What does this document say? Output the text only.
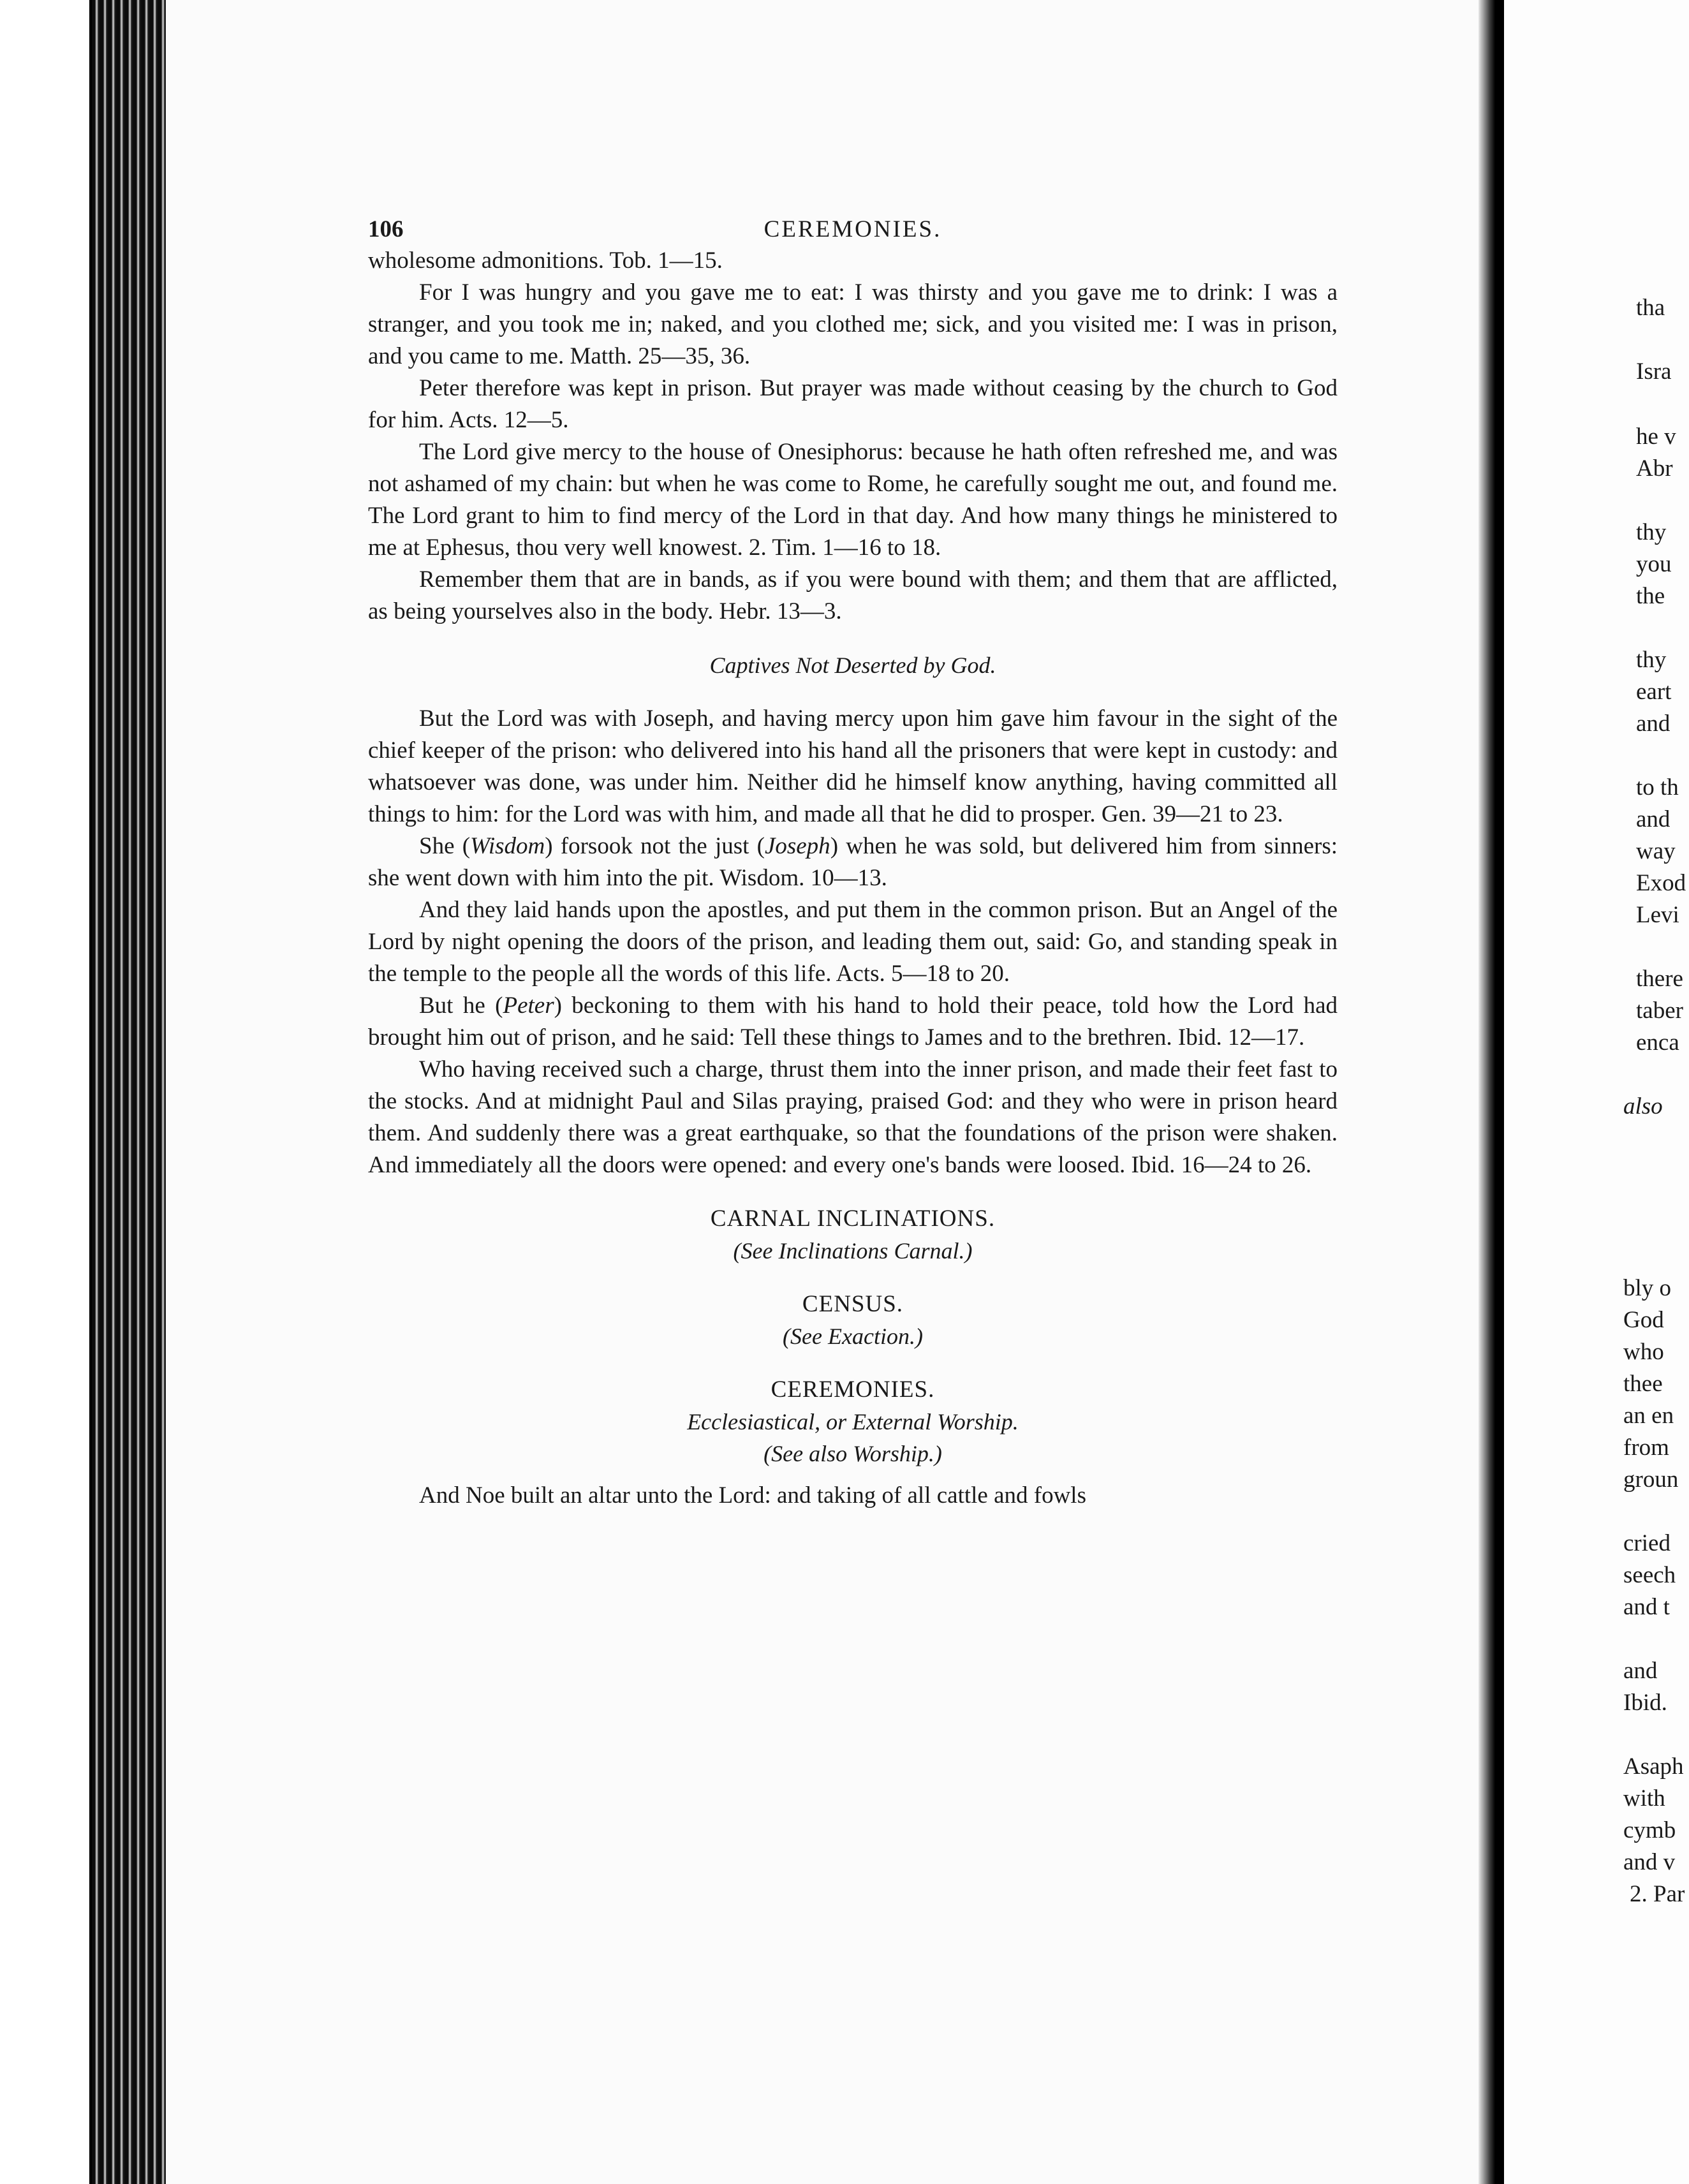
106	CEREMONIES.

wholesome admonitions. Tob. 1—15.

For I was hungry and you gave me to eat: I was thirsty and you gave me to drink: I was a stranger, and you took me in; naked, and you clothed me; sick, and you visited me: I was in prison, and you came to me. Matth. 25—35, 36.

Peter therefore was kept in prison. But prayer was made without ceasing by the church to God for him. Acts. 12—5.

The Lord give mercy to the house of Onesiphorus: because he hath often refreshed me, and was not ashamed of my chain: but when he was come to Rome, he carefully sought me out, and found me. The Lord grant to him to find mercy of the Lord in that day. And how many things he ministered to me at Ephesus, thou very well knowest. 2. Tim. 1—16 to 18.

Remember them that are in bands, as if you were bound with them; and them that are afflicted, as being yourselves also in the body. Hebr. 13—3.

Captives Not Deserted by God.

But the Lord was with Joseph, and having mercy upon him gave him favour in the sight of the chief keeper of the prison: who delivered into his hand all the prisoners that were kept in custody: and whatsoever was done, was under him. Neither did he himself know anything, having committed all things to him: for the Lord was with him, and made all that he did to prosper. Gen. 39—21 to 23.

She (Wisdom) forsook not the just (Joseph) when he was sold, but delivered him from sinners: she went down with him into the pit. Wisdom. 10—13.

And they laid hands upon the apostles, and put them in the common prison. But an Angel of the Lord by night opening the doors of the prison, and leading them out, said: Go, and standing speak in the temple to the people all the words of this life. Acts. 5—18 to 20.

But he (Peter) beckoning to them with his hand to hold their peace, told how the Lord had brought him out of prison, and he said: Tell these things to James and to the brethren. Ibid. 12—17.

Who having received such a charge, thrust them into the inner prison, and made their feet fast to the stocks. And at midnight Paul and Silas praying, praised God: and they who were in prison heard them. And suddenly there was a great earthquake, so that the foundations of the prison were shaken. And immediately all the doors were opened: and every one's bands were loosed. Ibid. 16—24 to 26.

CARNAL INCLINATIONS.

(See Inclinations Carnal.)

CENSUS.

(See Exaction.)

CEREMONIES.

Ecclesiastical, or External Worship.

(See also Worship.)

And Noe built an altar unto the Lord: and taking of all cattle and fowls

tha
Isra
he v
Abr
thy
you
the
thy
eart
and
to th
and
way
Exod
Levi
there
taber
enca
also
bly o
God
who
thee
an en
from
groun
cried
seech
and t
and
Ibid.
Asaph
with
cymb
and v
2. Par
